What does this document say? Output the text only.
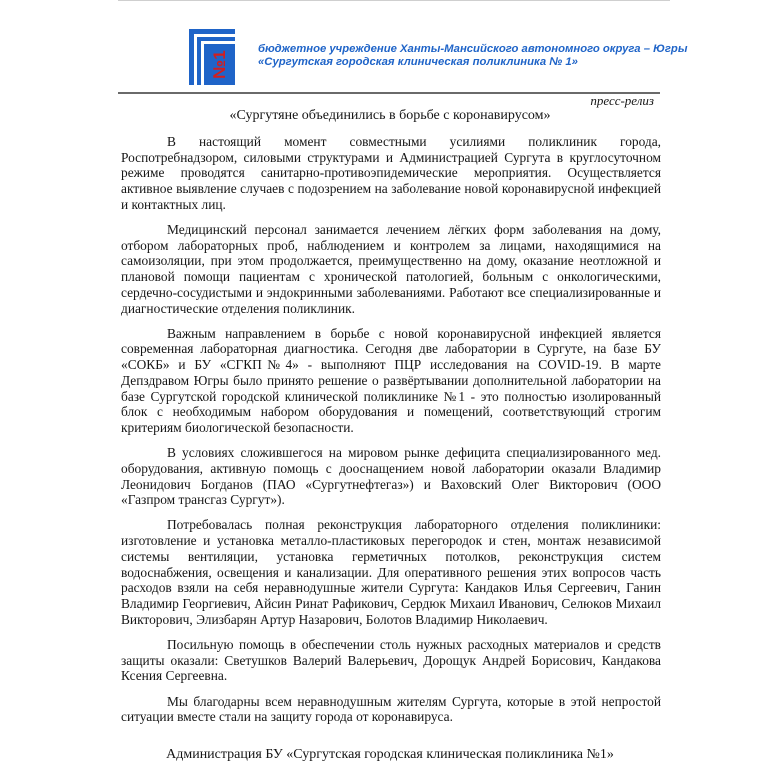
№1
бюджетное учреждение Ханты-Мансийского автономного округа – Югры
«Сургутская городская клиническая поликлиника № 1»
пресс-релиз
«Сургутяне объединились в борьбе с коронавирусом»

В настоящий момент совместными усилиями поликлиник города, Роспотребнадзором, силовыми структурами и Администрацией Сургута в круглосуточном режиме проводятся санитарно-противоэпидемические мероприятия. Осуществляется активное выявление случаев с подозрением на заболевание новой коронавирусной инфекцией и контактных лиц.

Медицинский персонал занимается лечением лёгких форм заболевания на дому, отбором лабораторных проб, наблюдением и контролем за лицами, находящимися на самоизоляции, при этом продолжается, преимущественно на дому, оказание неотложной и плановой помощи пациентам с хронической патологией, больным с онкологическими, сердечно-сосудистыми и эндокринными заболеваниями. Работают все специализированные и диагностические отделения поликлиник.

Важным направлением в борьбе с новой коронавирусной инфекцией является современная лабораторная диагностика. Сегодня две лаборатории в Сургуте, на базе БУ «СОКБ» и БУ «СГКП№4» - выполняют ПЦР исследования на COVID-19. В марте Депздравом Югры было принято решение о развёртывании дополнительной лаборатории на базе Сургутской городской клинической поликлинике №1 - это полностью изолированный блок с необходимым набором оборудования и помещений, соответствующий строгим критериям биологической безопасности.

В условиях сложившегося на мировом рынке дефицита специализированного мед. оборудования, активную помощь с дооснащением новой лаборатории оказали Владимир Леонидович Богданов (ПАО «Сургутнефтегаз») и Ваховский Олег Викторович (ООО «Газпром трансгаз Сургут»).

Потребовалась полная реконструкция лабораторного отделения поликлиники: изготовление и установка металло-пластиковых перегородок и стен, монтаж независимой системы вентиляции, установка герметичных потолков, реконструкция систем водоснабжения, освещения и канализации. Для оперативного решения этих вопросов часть расходов взяли на себя неравнодушные жители Сургута: Кандаков Илья Сергеевич, Ганин Владимир Георгиевич, Айсин Ринат Рафикович, Сердюк Михаил Иванович, Селюков Михаил Викторович, Элизбарян Артур Назарович, Болотов Владимир Николаевич.

Посильную помощь в обеспечении столь нужных расходных материалов и средств защиты оказали: Светушков Валерий Валерьевич, Дорощук Андрей Борисович, Кандакова Ксения Сергеевна.

Мы благодарны всем неравнодушным жителям Сургута, которые в этой непростой ситуации вместе стали на защиту города от коронавируса.

Администрация БУ «Сургутская городская клиническая поликлиника №1»
